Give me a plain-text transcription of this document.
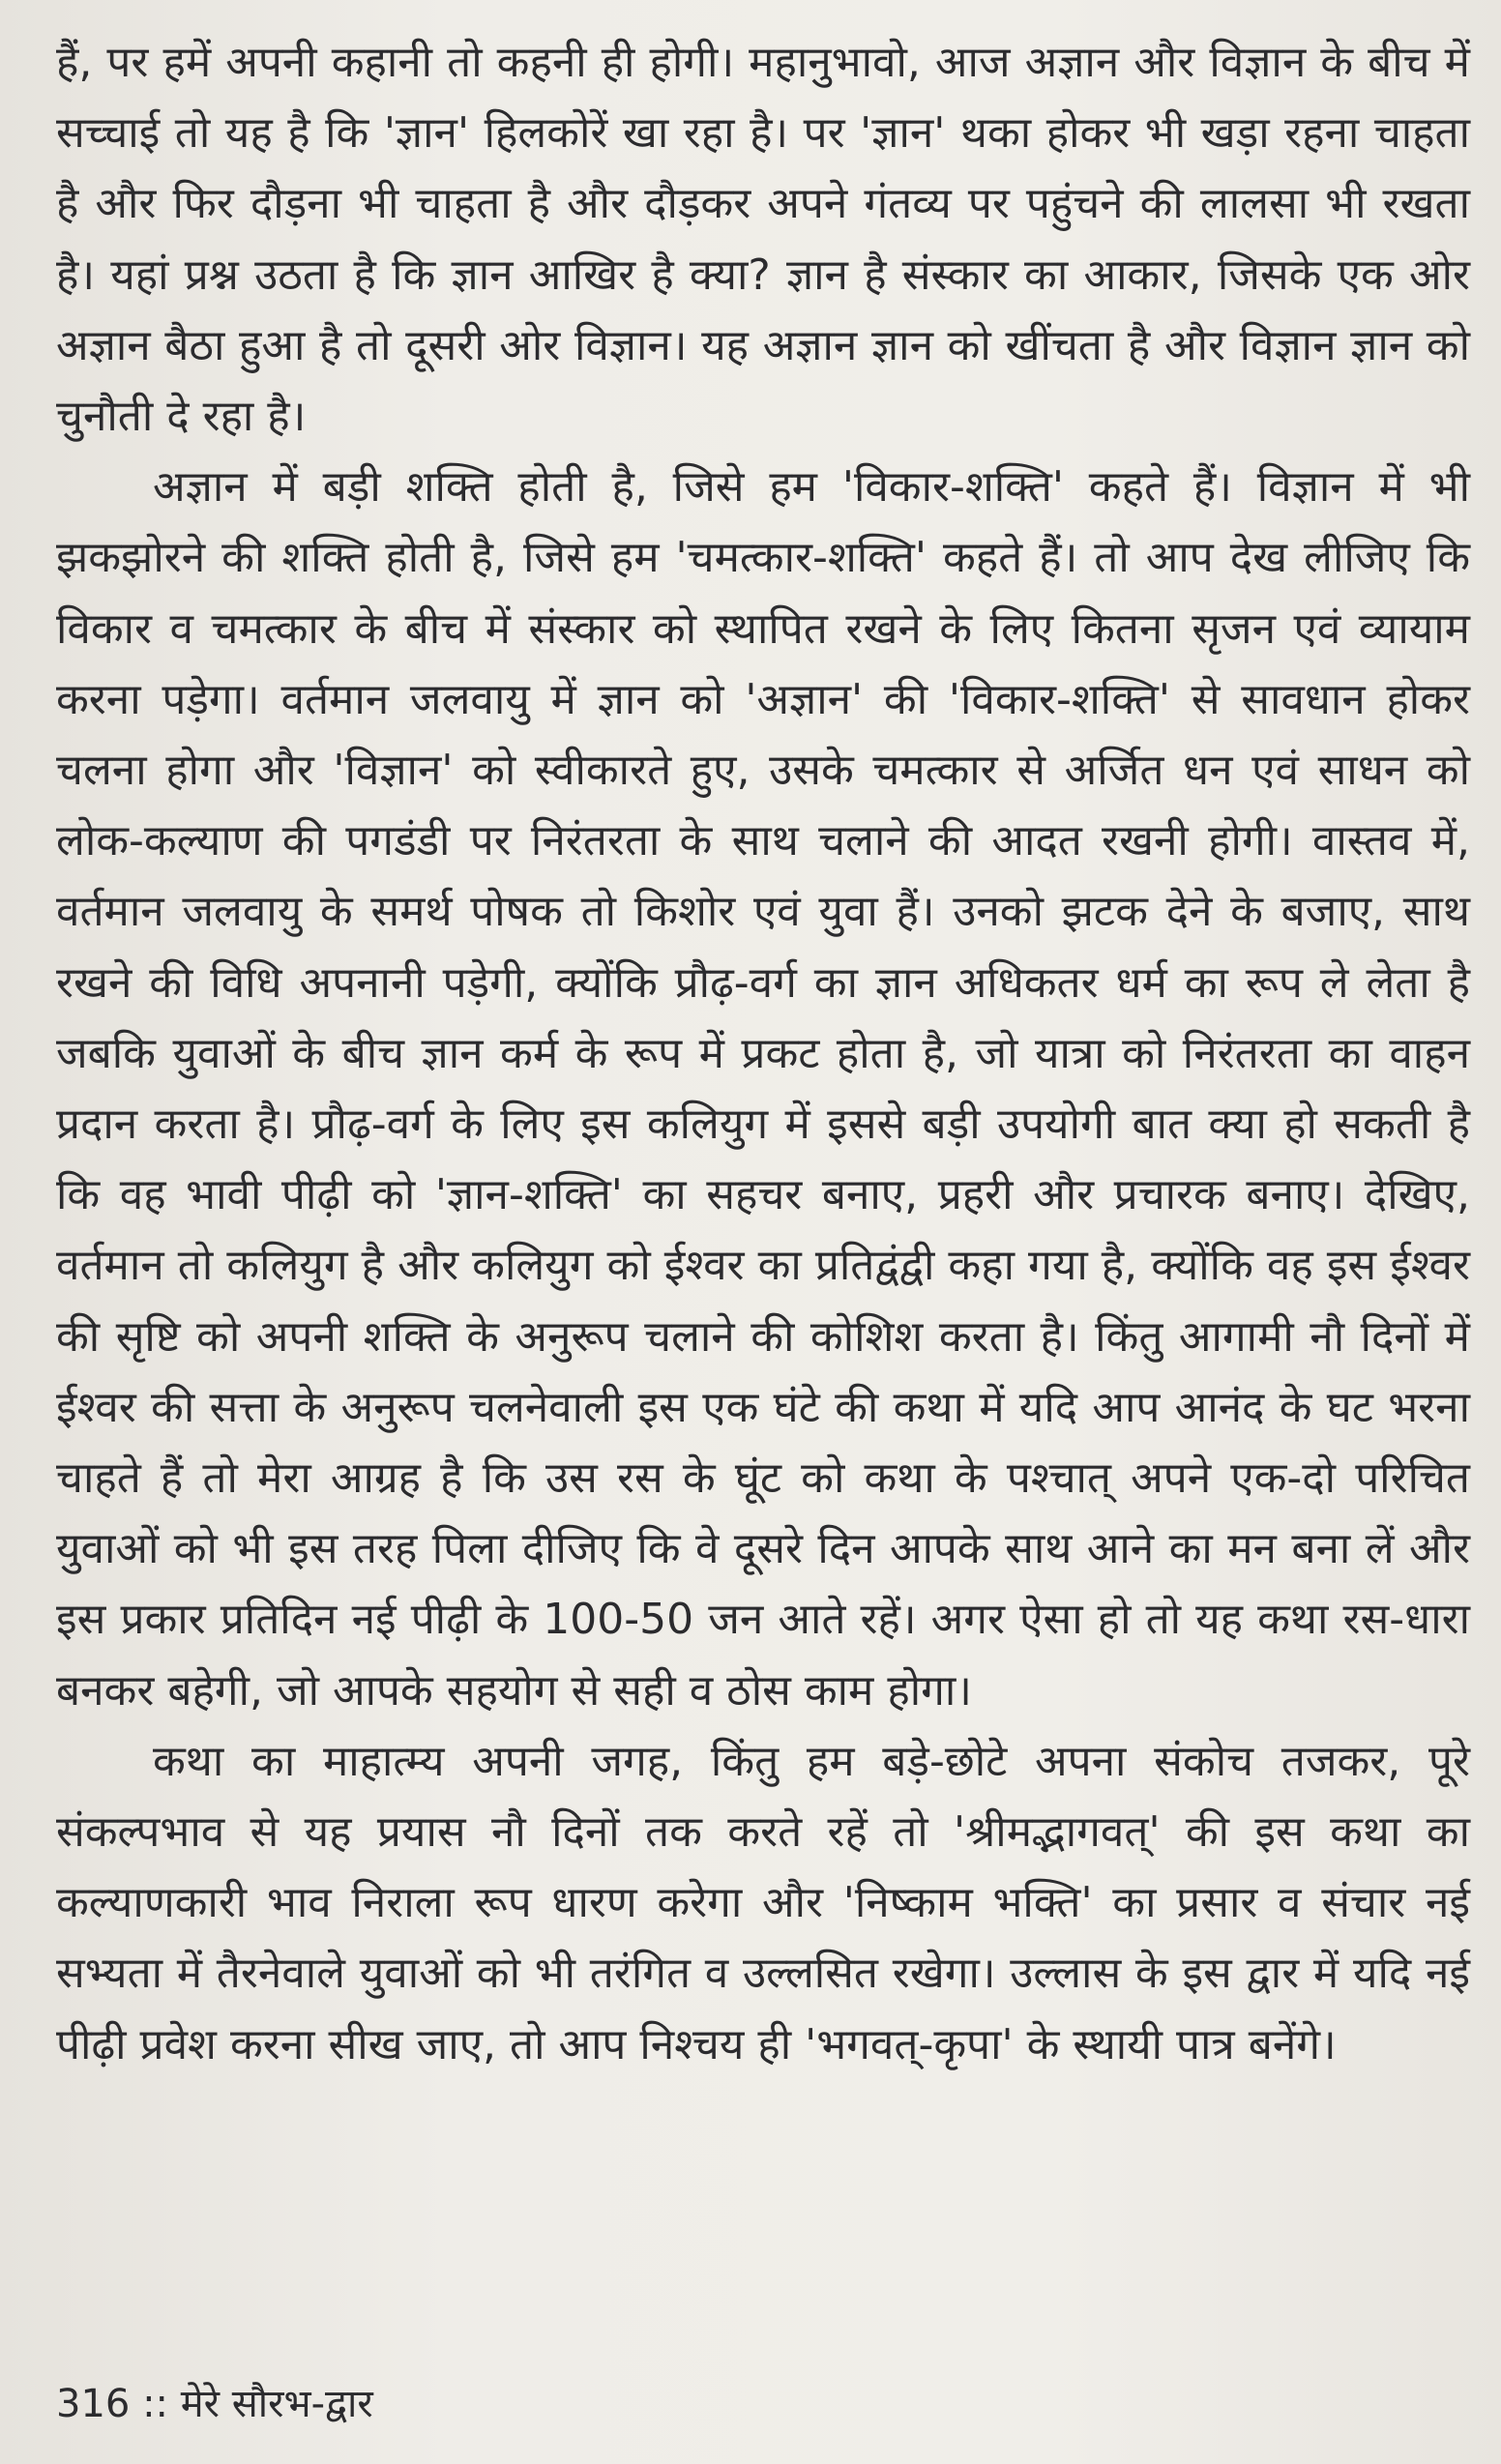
हैं, पर हमें अपनी कहानी तो कहनी ही होगी। महानुभावो, आज अज्ञान और विज्ञान के बीच में सच्चाई तो यह है कि 'ज्ञान' हिलकोरें खा रहा है। पर 'ज्ञान' थका होकर भी खड़ा रहना चाहता है और फिर दौड़ना भी चाहता है और दौड़कर अपने गंतव्य पर पहुंचने की लालसा भी रखता है। यहां प्रश्न उठता है कि ज्ञान आखिर है क्या? ज्ञान है संस्कार का आकार, जिसके एक ओर अज्ञान बैठा हुआ है तो दूसरी ओर विज्ञान। यह अज्ञान ज्ञान को खींचता है और विज्ञान ज्ञान को चुनौती दे रहा है।

अज्ञान में बड़ी शक्ति होती है, जिसे हम 'विकार-शक्ति' कहते हैं। विज्ञान में भी झकझोरने की शक्ति होती है, जिसे हम 'चमत्कार-शक्ति' कहते हैं। तो आप देख लीजिए कि विकार व चमत्कार के बीच में संस्कार को स्थापित रखने के लिए कितना सृजन एवं व्यायाम करना पड़ेगा। वर्तमान जलवायु में ज्ञान को 'अज्ञान' की 'विकार-शक्ति' से सावधान होकर चलना होगा और 'विज्ञान' को स्वीकारते हुए, उसके चमत्कार से अर्जित धन एवं साधन को लोक-कल्याण की पगडंडी पर निरंतरता के साथ चलाने की आदत रखनी होगी। वास्तव में, वर्तमान जलवायु के समर्थ पोषक तो किशोर एवं युवा हैं। उनको झटक देने के बजाए, साथ रखने की विधि अपनानी पड़ेगी, क्योंकि प्रौढ़-वर्ग का ज्ञान अधिकतर धर्म का रूप ले लेता है जबकि युवाओं के बीच ज्ञान कर्म के रूप में प्रकट होता है, जो यात्रा को निरंतरता का वाहन प्रदान करता है। प्रौढ़-वर्ग के लिए इस कलियुग में इससे बड़ी उपयोगी बात क्या हो सकती है कि वह भावी पीढ़ी को 'ज्ञान-शक्ति' का सहचर बनाए, प्रहरी और प्रचारक बनाए। देखिए, वर्तमान तो कलियुग है और कलियुग को ईश्वर का प्रतिद्वंद्वी कहा गया है, क्योंकि वह इस ईश्वर की सृष्टि को अपनी शक्ति के अनुरूप चलाने की कोशिश करता है। किंतु आगामी नौ दिनों में ईश्वर की सत्ता के अनुरूप चलनेवाली इस एक घंटे की कथा में यदि आप आनंद के घट भरना चाहते हैं तो मेरा आग्रह है कि उस रस के घूंट को कथा के पश्चात् अपने एक-दो परिचित युवाओं को भी इस तरह पिला दीजिए कि वे दूसरे दिन आपके साथ आने का मन बना लें और इस प्रकार प्रतिदिन नई पीढ़ी के 100-50 जन आते रहें। अगर ऐसा हो तो यह कथा रस-धारा बनकर बहेगी, जो आपके सहयोग से सही व ठोस काम होगा।

कथा का माहात्म्य अपनी जगह, किंतु हम बड़े-छोटे अपना संकोच तजकर, पूरे संकल्पभाव से यह प्रयास नौ दिनों तक करते रहें तो 'श्रीमद्भागवत्' की इस कथा का कल्याणकारी भाव निराला रूप धारण करेगा और 'निष्काम भक्ति' का प्रसार व संचार नई सभ्यता में तैरनेवाले युवाओं को भी तरंगित व उल्लसित रखेगा। उल्लास के इस द्वार में यदि नई पीढ़ी प्रवेश करना सीख जाए, तो आप निश्चय ही 'भगवत्-कृपा' के स्थायी पात्र बनेंगे।

316 :: मेरे सौरभ-द्वार
